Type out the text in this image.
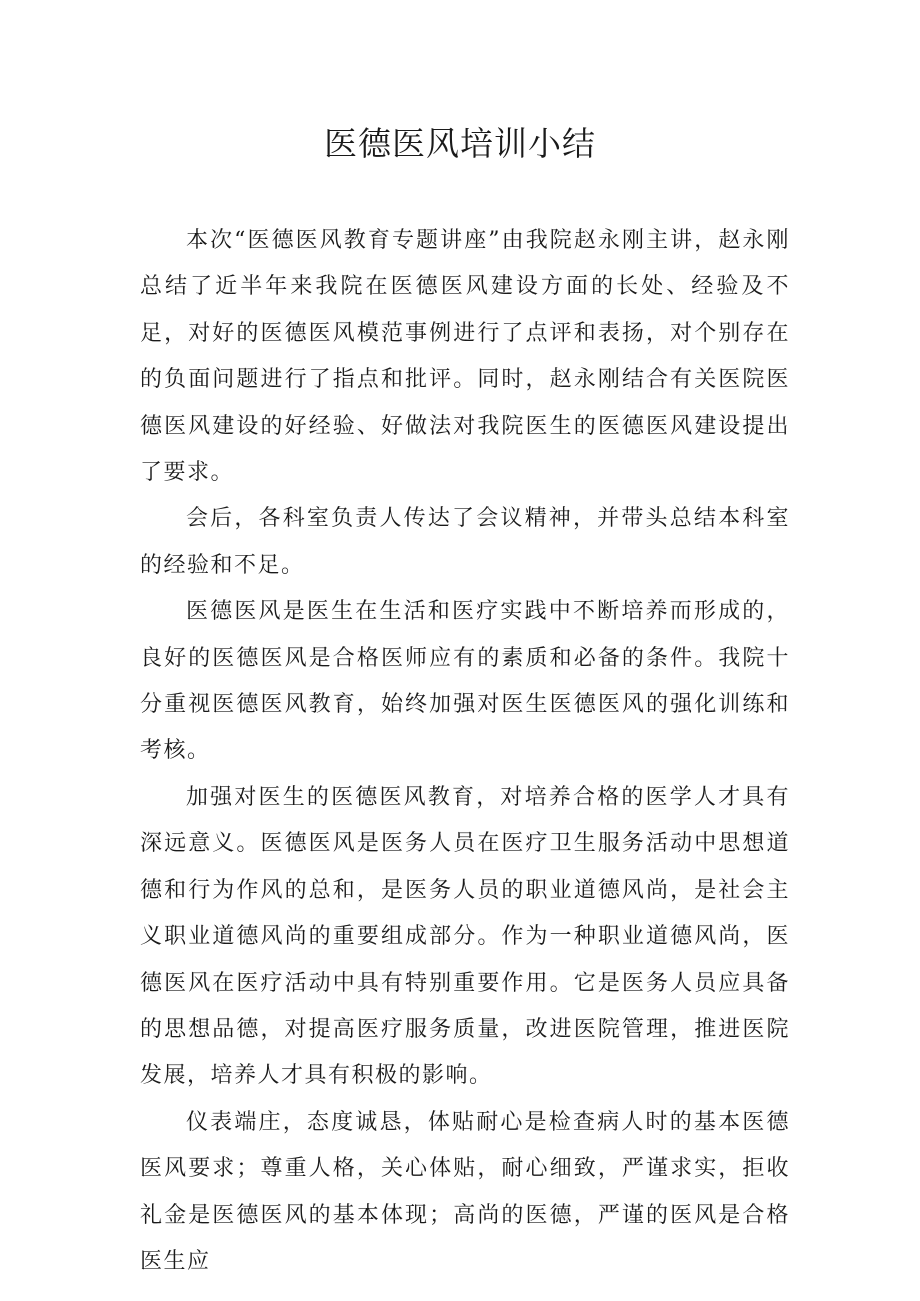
医德医风培训小结

本次“医德医风教育专题讲座”由我院赵永刚主讲，赵永刚总结了近半年来我院在医德医风建设方面的长处、经验及不足，对好的医德医风模范事例进行了点评和表扬，对个别存在的负面问题进行了指点和批评。同时，赵永刚结合有关医院医德医风建设的好经验、好做法对我院医生的医德医风建设提出了要求。

会后，各科室负责人传达了会议精神，并带头总结本科室的经验和不足。

医德医风是医生在生活和医疗实践中不断培养而形成的，良好的医德医风是合格医师应有的素质和必备的条件。我院十分重视医德医风教育，始终加强对医生医德医风的强化训练和考核。

加强对医生的医德医风教育，对培养合格的医学人才具有深远意义。医德医风是医务人员在医疗卫生服务活动中思想道德和行为作风的总和，是医务人员的职业道德风尚，是社会主义职业道德风尚的重要组成部分。作为一种职业道德风尚，医德医风在医疗活动中具有特别重要作用。它是医务人员应具备的思想品德，对提高医疗服务质量，改进医院管理，推进医院发展，培养人才具有积极的影响。

仪表端庄，态度诚恳，体贴耐心是检查病人时的基本医德医风要求；尊重人格，关心体贴，耐心细致，严谨求实，拒收礼金是医德医风的基本体现；高尚的医德，严谨的医风是合格医生应
